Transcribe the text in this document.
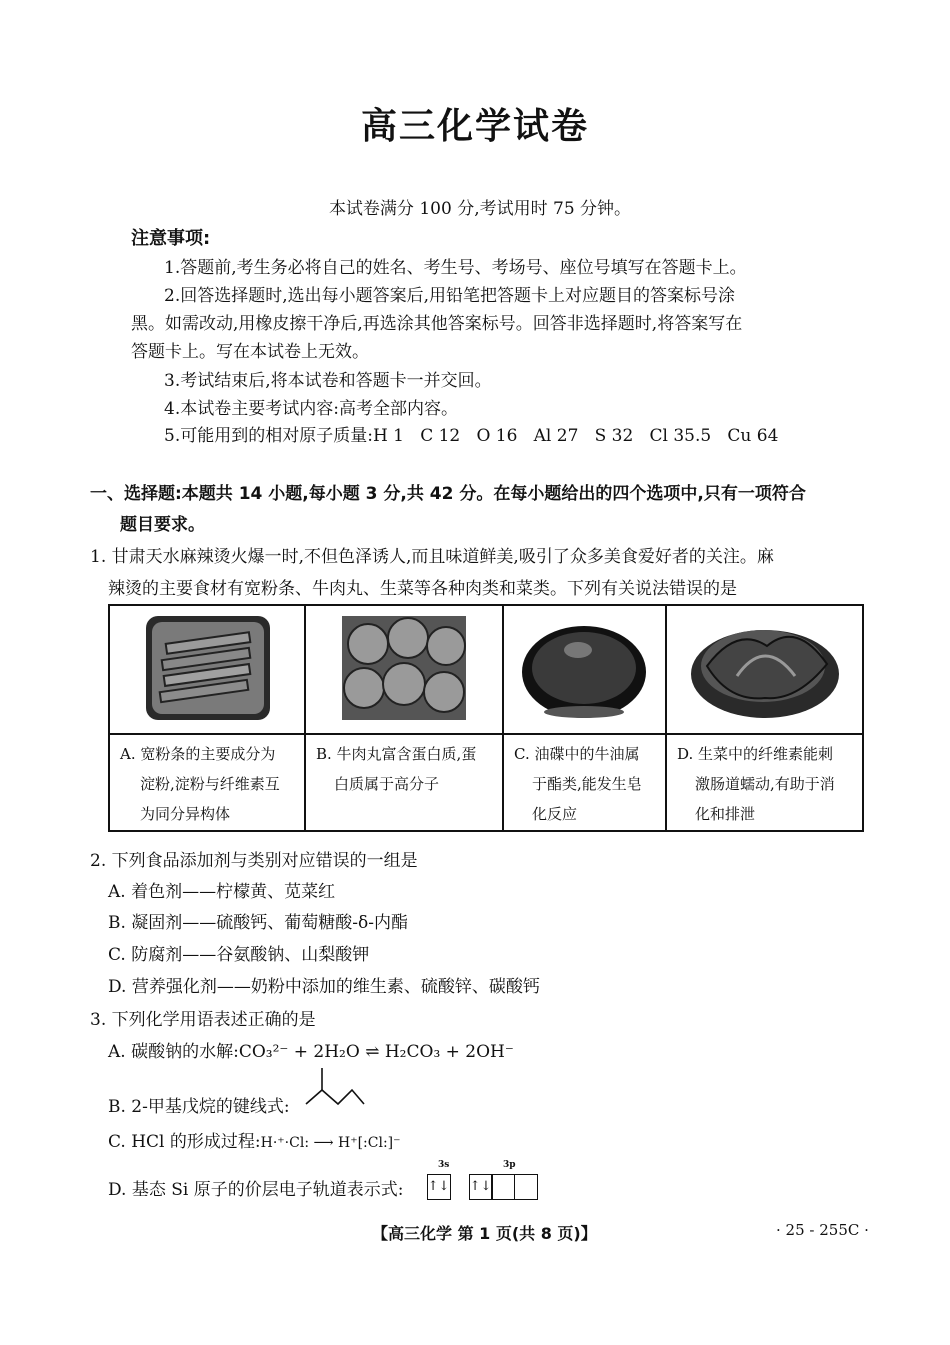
高三化学试卷
本试卷满分 100 分,考试用时 75 分钟。
注意事项:
1.答题前,考生务必将自己的姓名、考生号、考场号、座位号填写在答题卡上。
2.回答选择题时,选出每小题答案后,用铅笔把答题卡上对应题目的答案标号涂
黑。如需改动,用橡皮擦干净后,再选涂其他答案标号。回答非选择题时,将答案写在
答题卡上。写在本试卷上无效。
3.考试结束后,将本试卷和答题卡一并交回。
4.本试卷主要考试内容:高考全部内容。
5.可能用到的相对原子质量:H 1   C 12   O 16   Al 27   S 32   Cl 35.5   Cu 64
一、选择题:本题共 14 小题,每小题 3 分,共 42 分。在每小题给出的四个选项中,只有一项符合
题目要求。
1. 甘肃天水麻辣烫火爆一时,不但色泽诱人,而且味道鲜美,吸引了众多美食爱好者的关注。麻
辣烫的主要食材有宽粉条、牛肉丸、生菜等各种肉类和菜类。下列有关说法错误的是

A. 宽粉条的主要成分为
淀粉,淀粉与纤维素互
为同分异构体	B. 牛肉丸富含蛋白质,蛋
白质属于高分子	C. 油碟中的牛油属
于酯类,能发生皂
化反应	D. 生菜中的纤维素能刺
激肠道蠕动,有助于消
化和排泄
2. 下列食品添加剂与类别对应错误的一组是
A. 着色剂——柠檬黄、苋菜红
B. 凝固剂——硫酸钙、葡萄糖酸-δ-内酯
C. 防腐剂——谷氨酸钠、山梨酸钾
D. 营养强化剂——奶粉中添加的维生素、硫酸锌、碳酸钙
3. 下列化学用语表述正确的是
A. 碳酸钠的水解:CO₃²⁻ + 2H₂O ⇌ H₂CO₃ + 2OH⁻
B. 2-甲基戊烷的键线式:
C. HCl 的形成过程:H·⁺·Cl: ⟶ H⁺[:Cl:]⁻
D. 基态 Si 原子的价层电子轨道表示式:
3s	3p
↑↓ ↑↓
【高三化学 第 1 页(共 8 页)】	· 25 - 255C ·
